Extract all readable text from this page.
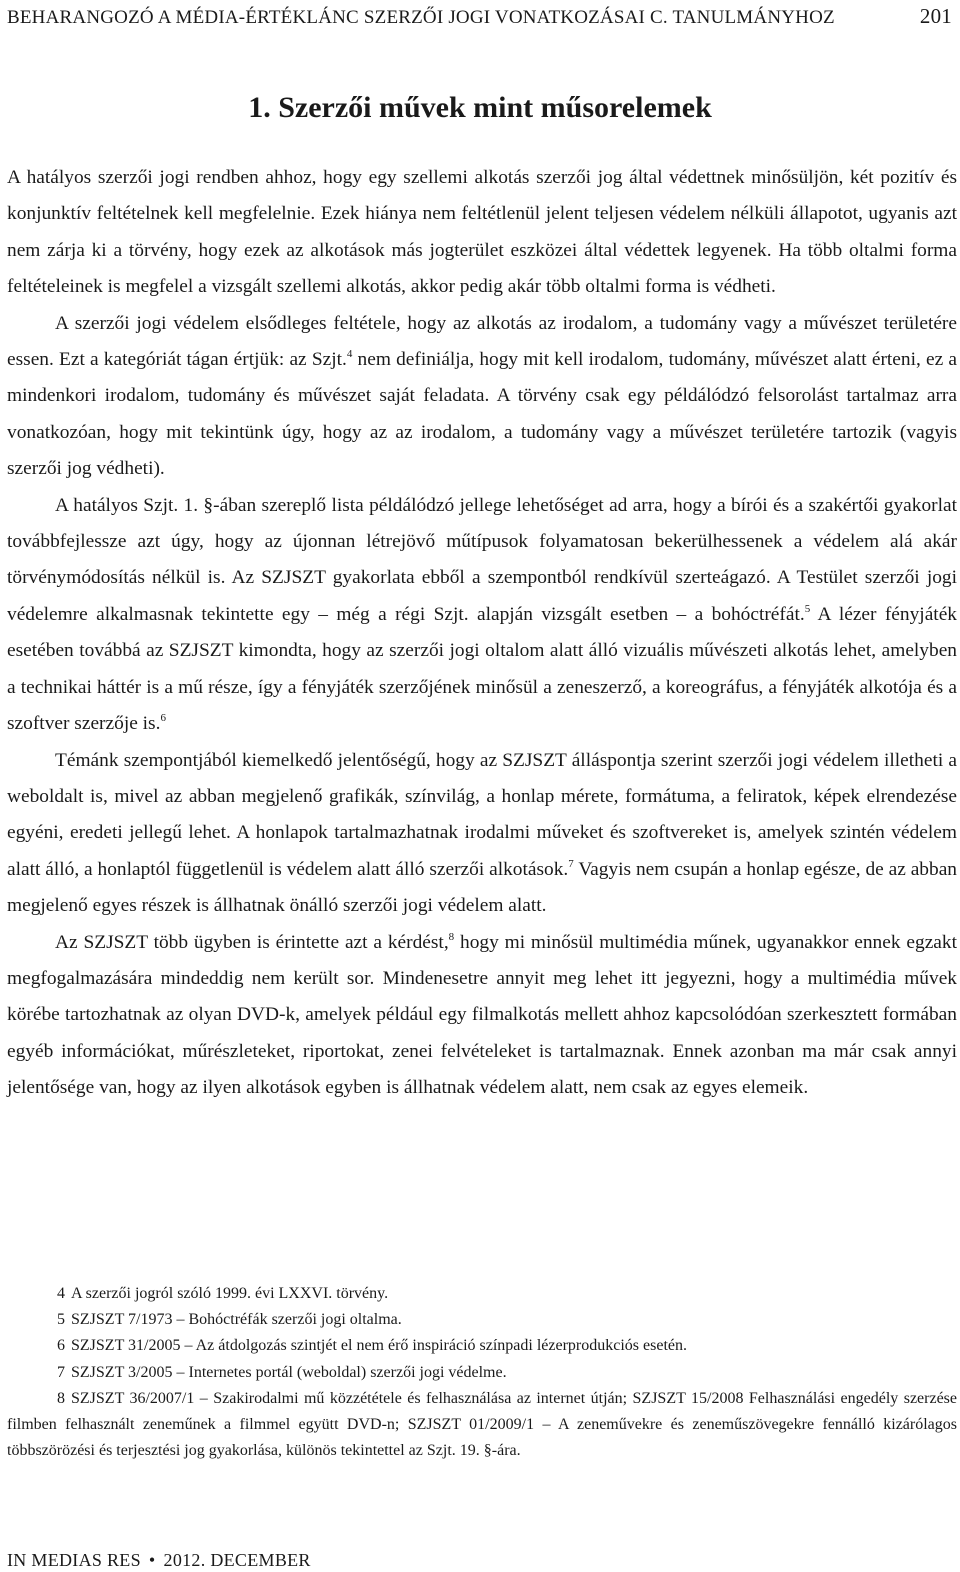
BEHARANGOZÓ A MÉDIA-ÉRTÉKLÁNC SZERZŐI JOGI VONATKOZÁSAI C. TANULMÁNYHOZ	201
1. Szerzői művek mint műsorelemek

A hatályos szerzői jogi rendben ahhoz, hogy egy szellemi alkotás szerzői jog által védettnek minősüljön, két pozitív és konjunktív feltételnek kell megfelelnie. Ezek hiánya nem feltétlenül jelent teljesen védelem nélküli állapotot, ugyanis azt nem zárja ki a törvény, hogy ezek az alkotások más jogterület eszközei által védettek legyenek. Ha több oltalmi forma feltételeinek is megfelel a vizsgált szellemi alkotás, akkor pedig akár több oltalmi forma is védheti.

A szerzői jogi védelem elsődleges feltétele, hogy az alkotás az irodalom, a tudomány vagy a művészet területére essen. Ezt a kategóriát tágan értjük: az Szjt.$^4$ nem definiálja, hogy mit kell irodalom, tudomány, művészet alatt érteni, ez a mindenkori irodalom, tudomány és művészet saját feladata. A törvény csak egy példálódzó felsorolást tartalmaz arra vonatkozóan, hogy mit tekintünk úgy, hogy az az irodalom, a tudomány vagy a művészet területére tartozik (vagyis szerzői jog védheti).

A hatályos Szjt. 1. §-ában szereplő lista példálódzó jellege lehetőséget ad arra, hogy a bírói és a szakértői gyakorlat továbbfejlessze azt úgy, hogy az újonnan létrejövő műtípusok folyamatosan bekerülhessenek a védelem alá akár törvénymódosítás nélkül is. Az SZJSZT gyakorlata ebből a szempontból rendkívül szerteágazó. A Testület szerzői jogi védelemre alkalmasnak tekintette egy – még a régi Szjt. alapján vizsgált esetben – a bohóctréfát.$^5$ A lézer fényjáték esetében továbbá az SZJSZT kimondta, hogy az szerzői jogi oltalom alatt álló vizuális művészeti alkotás lehet, amelyben a technikai háttér is a mű része, így a fényjáték szerzőjének minősül a zeneszerző, a koreográfus, a fényjáték alkotója és a szoftver szerzője is.$^6$

Témánk szempontjából kiemelkedő jelentőségű, hogy az SZJSZT álláspontja szerint szerzői jogi védelem illetheti a weboldalt is, mivel az abban megjelenő grafikák, színvilág, a honlap mérete, formátuma, a feliratok, képek elrendezése egyéni, eredeti jellegű lehet. A honlapok tartalmazhatnak irodalmi műveket és szoftvereket is, amelyek szintén védelem alatt álló, a honlaptól függetlenül is védelem alatt álló szerzői alkotások.$^7$ Vagyis nem csupán a honlap egésze, de az abban megjelenő egyes részek is állhatnak önálló szerzői jogi védelem alatt.

Az SZJSZT több ügyben is érintette azt a kérdést,$^8$ hogy mi minősül multimédia műnek, ugyanakkor ennek egzakt megfogalmazására mindeddig nem került sor. Mindenesetre annyit meg lehet itt jegyezni, hogy a multimédia művek körébe tartozhatnak az olyan DVD-k, amelyek például egy filmalkotás mellett ahhoz kapcsolódóan szerkesztett formában egyéb információkat, műrészleteket, riportokat, zenei felvételeket is tartalmaznak. Ennek azonban ma már csak annyi jelentősége van, hogy az ilyen alkotások egyben is állhatnak védelem alatt, nem csak az egyes elemeik.

4 A szerzői jogról szóló 1999. évi LXXVI. törvény.

5 SZJSZT 7/1973 – Bohóctréfák szerzői jogi oltalma.

6 SZJSZT 31/2005 – Az átdolgozás szintjét el nem érő inspiráció színpadi lézerprodukciós esetén.

7 SZJSZT 3/2005 – Internetes portál (weboldal) szerzői jogi védelme.

8 SZJSZT 36/2007/1 – Szakirodalmi mű közzététele és felhasználása az internet útján; SZJSZT 15/2008 Felhasználási engedély szerzése filmben felhasznált zeneműnek a filmmel együtt DVD-n; SZJSZT 01/2009/1 – A zeneművekre és zeneműszövegekre fennálló kizárólagos többszörözési és terjesztési jog gyakorlása, különös tekintettel az Szjt. 19. §-ára.

IN MEDIAS RES • 2012. DECEMBER
